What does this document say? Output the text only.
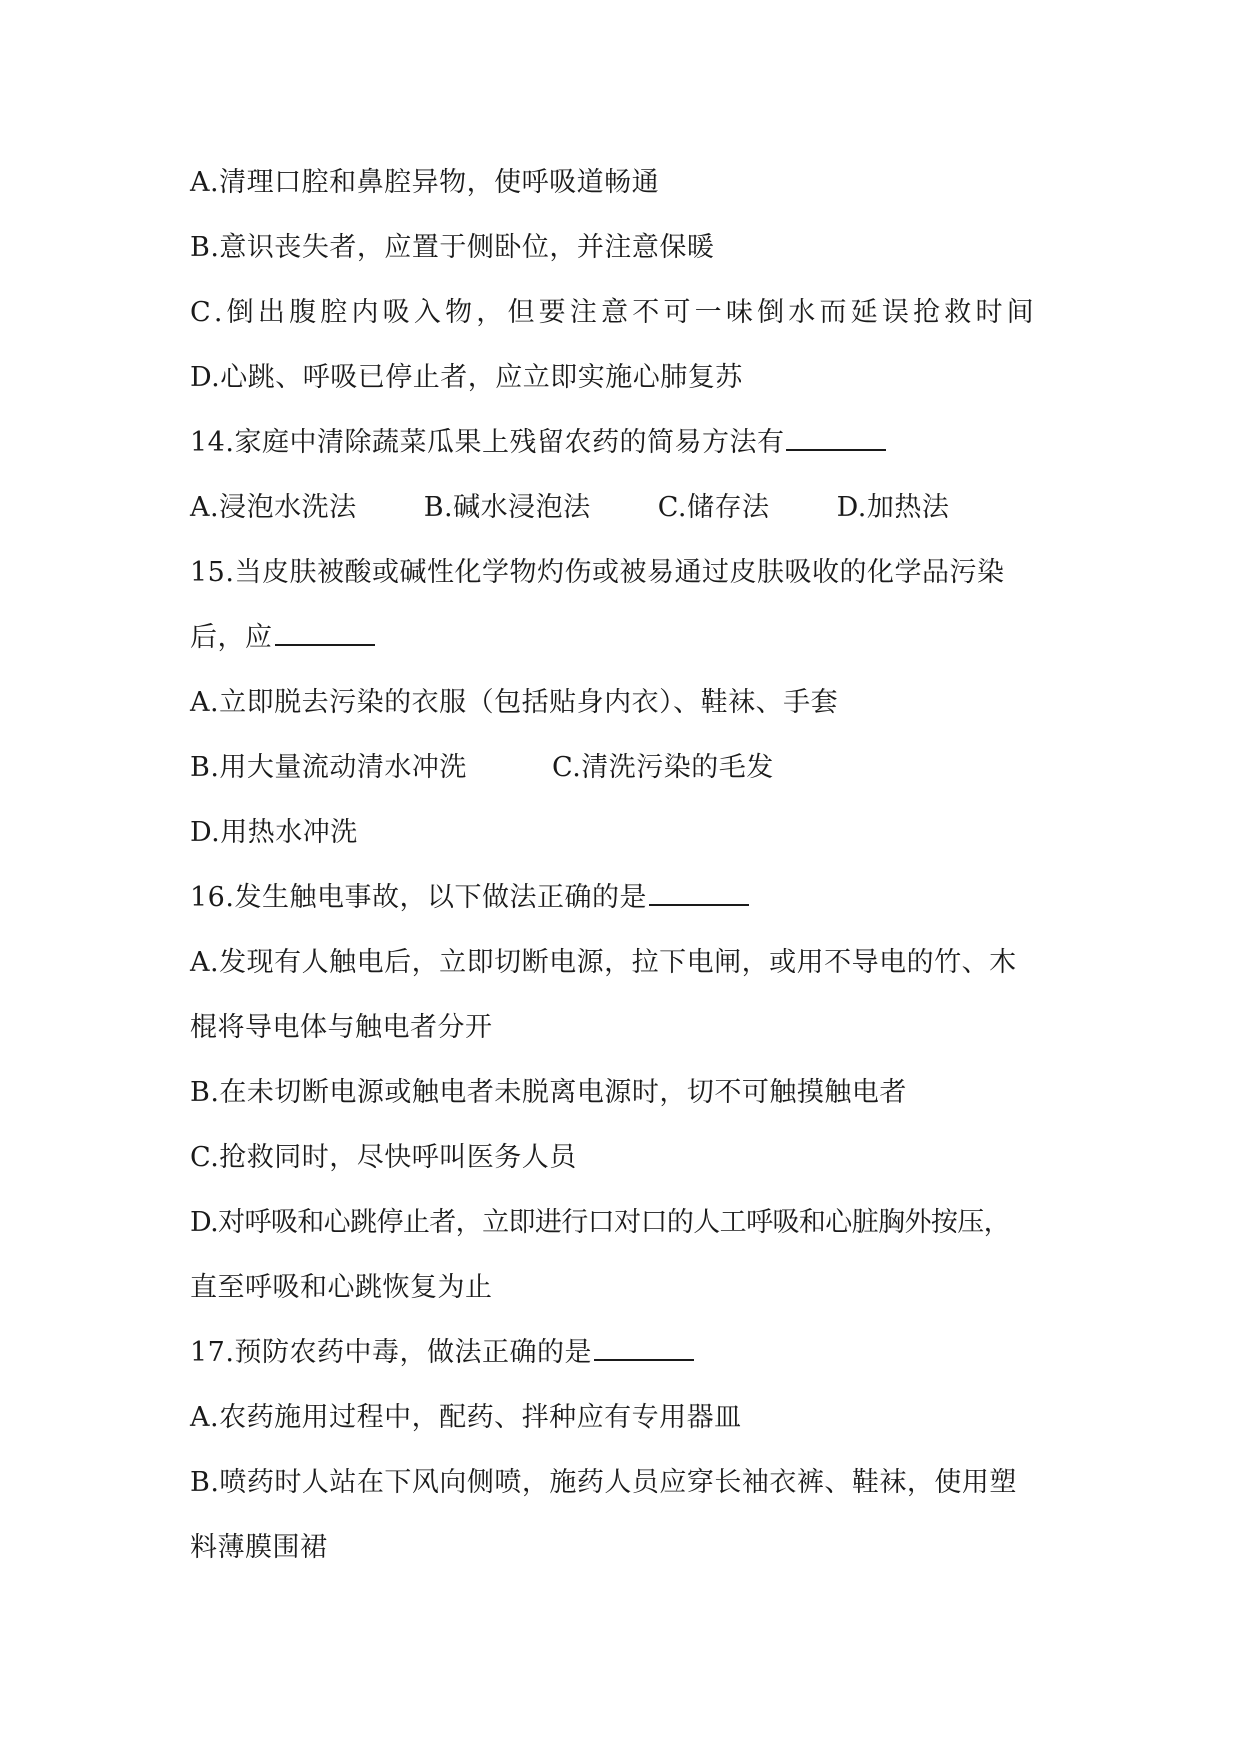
A.清理口腔和鼻腔异物，使呼吸道畅通
B.意识丧失者，应置于侧卧位，并注意保暖
C.倒出腹腔内吸入物，但要注意不可一味倒水而延误抢救时间
D.心跳、呼吸已停止者，应立即实施心肺复苏
14.家庭中清除蔬菜瓜果上残留农药的简易方法有
A.浸泡水洗法 B.碱水浸泡法 C.储存法 D.加热法
15.当皮肤被酸或碱性化学物灼伤或被易通过皮肤吸收的化学品污染
后，应
A.立即脱去污染的衣服（包括贴身内衣）、鞋袜、手套
B.用大量流动清水冲洗	C.清洗污染的毛发
D.用热水冲洗
16.发生触电事故，以下做法正确的是
A.发现有人触电后，立即切断电源，拉下电闸，或用不导电的竹、木
棍将导电体与触电者分开
B.在未切断电源或触电者未脱离电源时，切不可触摸触电者
C.抢救同时，尽快呼叫医务人员
D.对呼吸和心跳停止者，立即进行口对口的人工呼吸和心脏胸外按压，
直至呼吸和心跳恢复为止
17.预防农药中毒，做法正确的是
A.农药施用过程中，配药、拌种应有专用器皿
B.喷药时人站在下风向侧喷，施药人员应穿长袖衣裤、鞋袜，使用塑
料薄膜围裙
